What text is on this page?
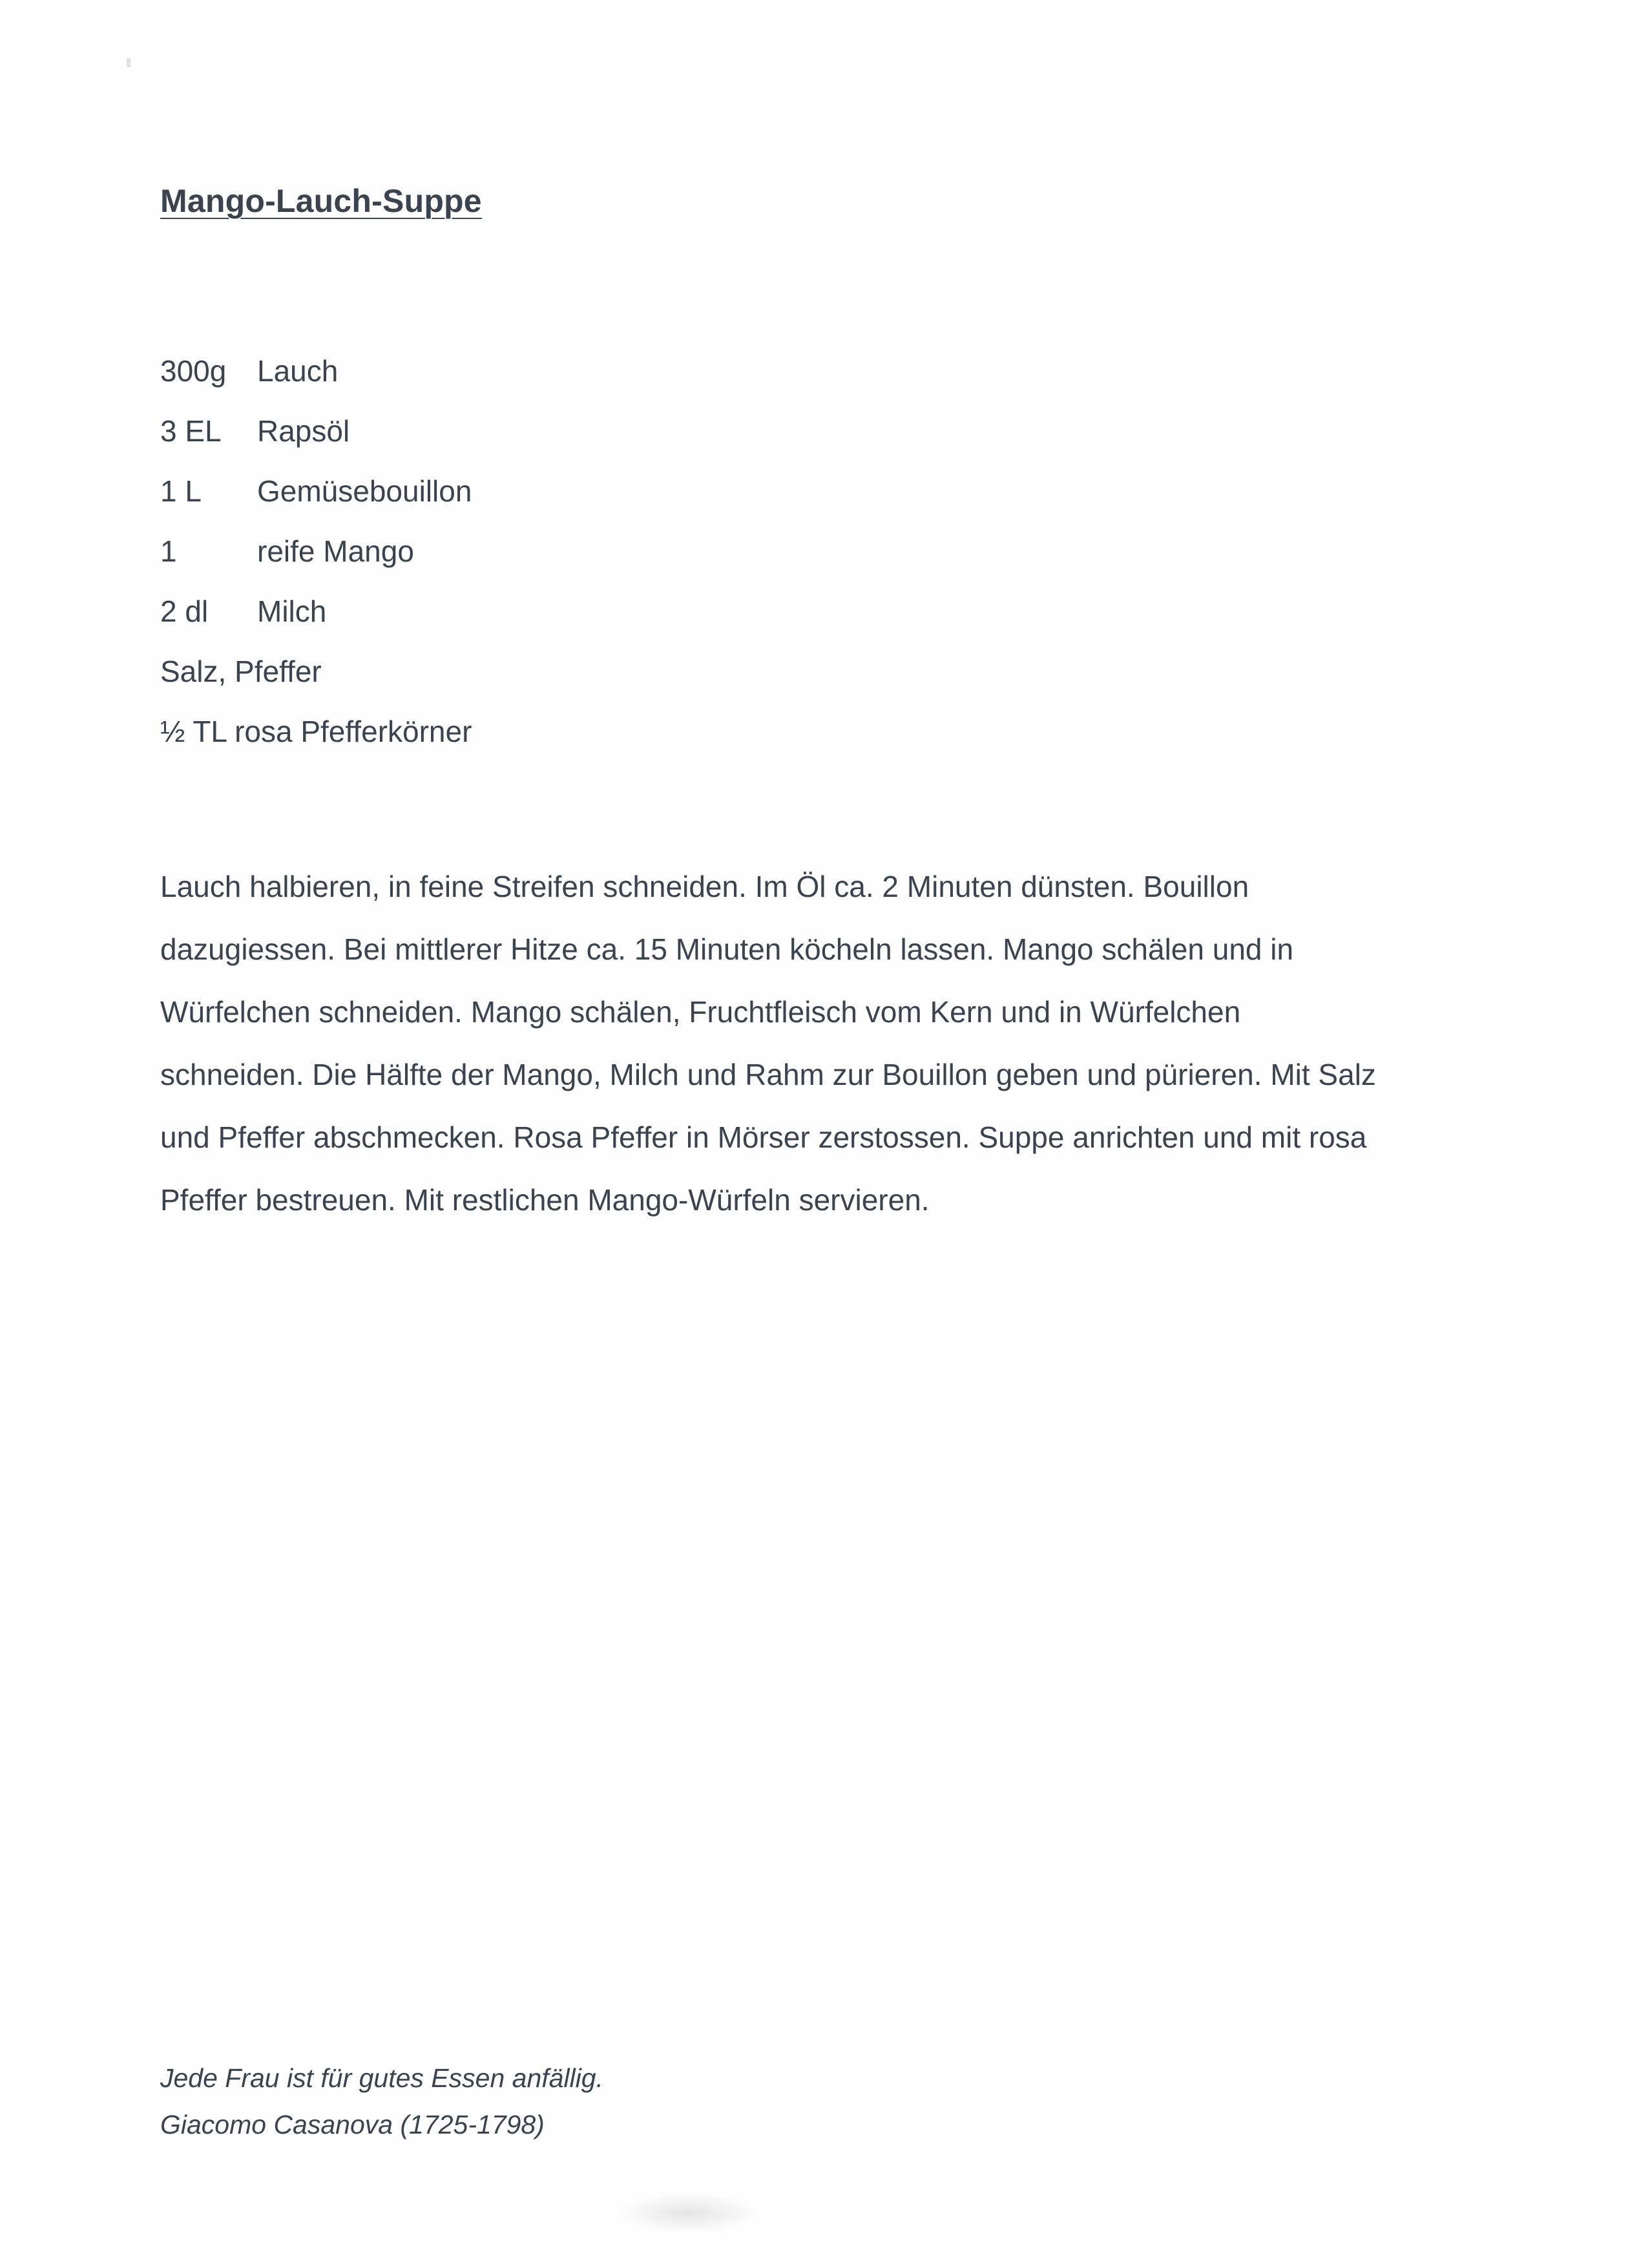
Mango-Lauch-Suppe
300g Lauch
3 EL Rapsöl
1 L Gemüsebouillon
1	reife Mango
2 dl Milch
Salz, Pfeffer
½ TL rosa Pfefferkörner

Lauch halbieren, in feine Streifen schneiden. Im Öl ca. 2 Minuten dünsten. Bouillon dazugiessen. Bei mittlerer Hitze ca. 15 Minuten köcheln lassen. Mango schälen und in Würfelchen schneiden. Mango schälen, Fruchtfleisch vom Kern und in Würfelchen schneiden. Die Hälfte der Mango, Milch und Rahm zur Bouillon geben und pürieren. Mit Salz und Pfeffer abschmecken. Rosa Pfeffer in Mörser zerstossen. Suppe anrichten und mit rosa Pfeffer bestreuen. Mit restlichen Mango-Würfeln servieren.

Jede Frau ist für gutes Essen anfällig.
Giacomo Casanova (1725-1798)
